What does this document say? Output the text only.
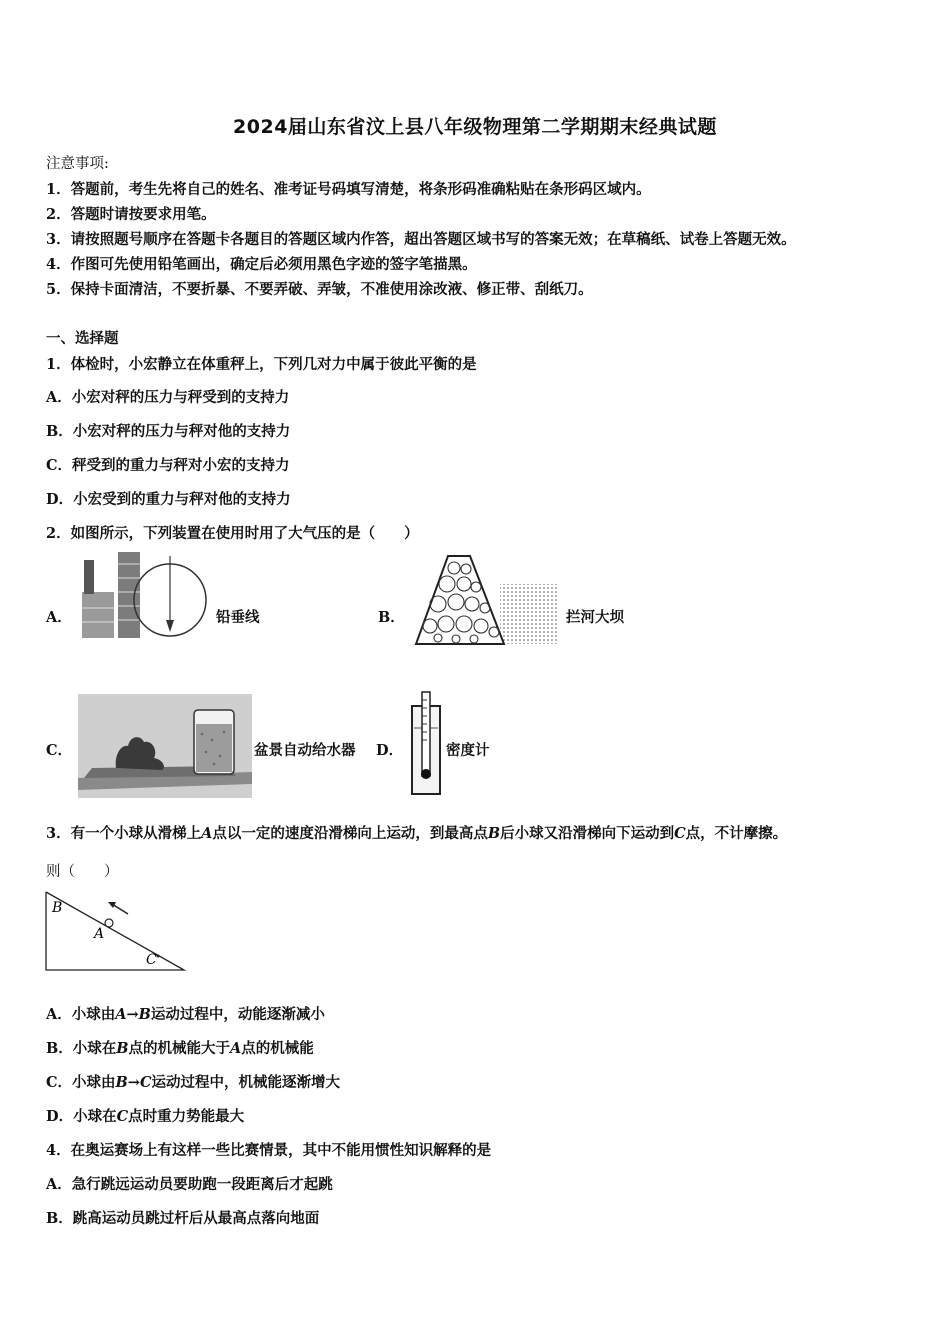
2024届山东省汶上县八年级物理第二学期期末经典试题
注意事项:
1．答题前，考生先将自己的姓名、准考证号码填写清楚，将条形码准确粘贴在条形码区域内。
2．答题时请按要求用笔。
3．请按照题号顺序在答题卡各题目的答题区域内作答，超出答题区域书写的答案无效；在草稿纸、试卷上答题无效。
4．作图可先使用铅笔画出，确定后必须用黑色字迹的签字笔描黑。
5．保持卡面清洁，不要折暴、不要弄破、弄皱，不准使用涂改液、修正带、刮纸刀。
一、选择题
1．体检时，小宏静立在体重秤上，下列几对力中属于彼此平衡的是
A．小宏对秤的压力与秤受到的支持力
B．小宏对秤的压力与秤对他的支持力
C．秤受到的重力与秤对小宏的支持力
D．小宏受到的重力与秤对他的支持力
2．如图所示，下列装置在使用时用了大气压的是（　　）
A．	铅垂线	B．	拦河大坝
C．	盆景自动给水器 D．	密度计
3．有一个小球从滑梯上A点以一定的速度沿滑梯向上运动，到最高点B后小球又沿滑梯向下运动到C点，不计摩擦。
则（　　）
B
A
C
A．小球由A→B运动过程中，动能逐渐减小
B．小球在B点的机械能大于A点的机械能
C．小球由B→C运动过程中，机械能逐渐增大
D．小球在C点时重力势能最大
4．在奥运赛场上有这样一些比赛情景，其中不能用惯性知识解释的是
A．急行跳远运动员要助跑一段距离后才起跳
B．跳高运动员跳过杆后从最高点落向地面
